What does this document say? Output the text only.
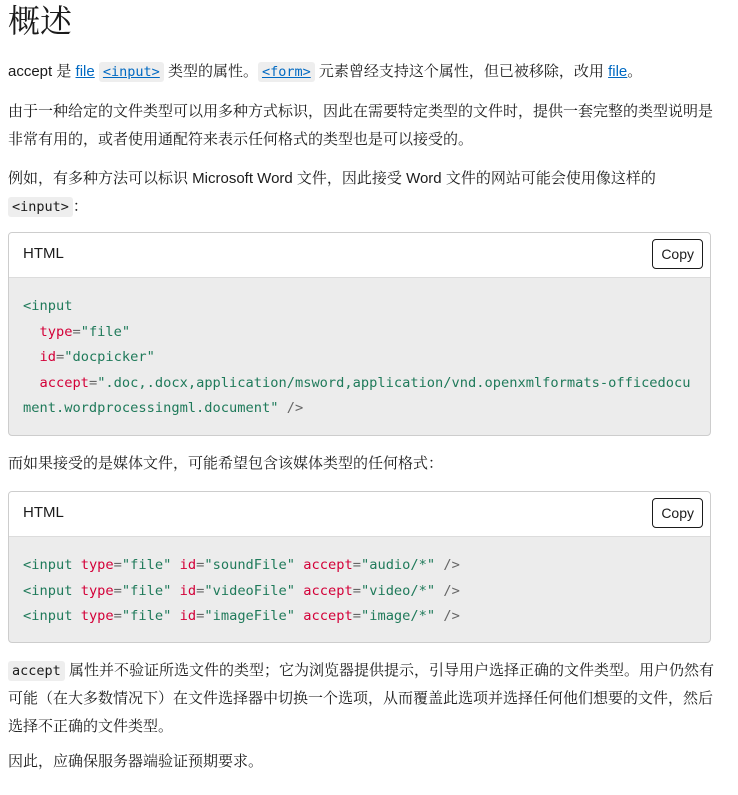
概述

accept 是 file <input> 类型的属性。 <form> 元素曾经支持这个属性，但已被移除，改用 file。

由于一种给定的文件类型可以用多种方式标识，因此在需要特定类型的文件时，提供一套完整的类型说明是非常有用的，或者使用通配符来表示任何格式的类型也是可以接受的。

例如，有多种方法可以标识 Microsoft Word 文件，因此接受 Word 文件的网站可能会使用像这样的 <input> ：

HTML	Copy
<input
type="file"
id="docpicker"
accept=".doc,.docx,application/msword,application/vnd.openxmlformats-officedocument.wordprocessingml.document" />

而如果接受的是媒体文件，可能希望包含该媒体类型的任何格式：

HTML	Copy
<input type="file" id="soundFile" accept="audio/*" />
<input type="file" id="videoFile" accept="video/*" />
<input type="file" id="imageFile" accept="image/*" />

accept 属性并不验证所选文件的类型；它为浏览器提供提示，引导用户选择正确的文件类型。用户仍然有可能（在大多数情况下）在文件选择器中切换一个选项，从而覆盖此选项并选择任何他们想要的文件，然后选择不正确的文件类型。

因此，应确保服务器端验证预期要求。
